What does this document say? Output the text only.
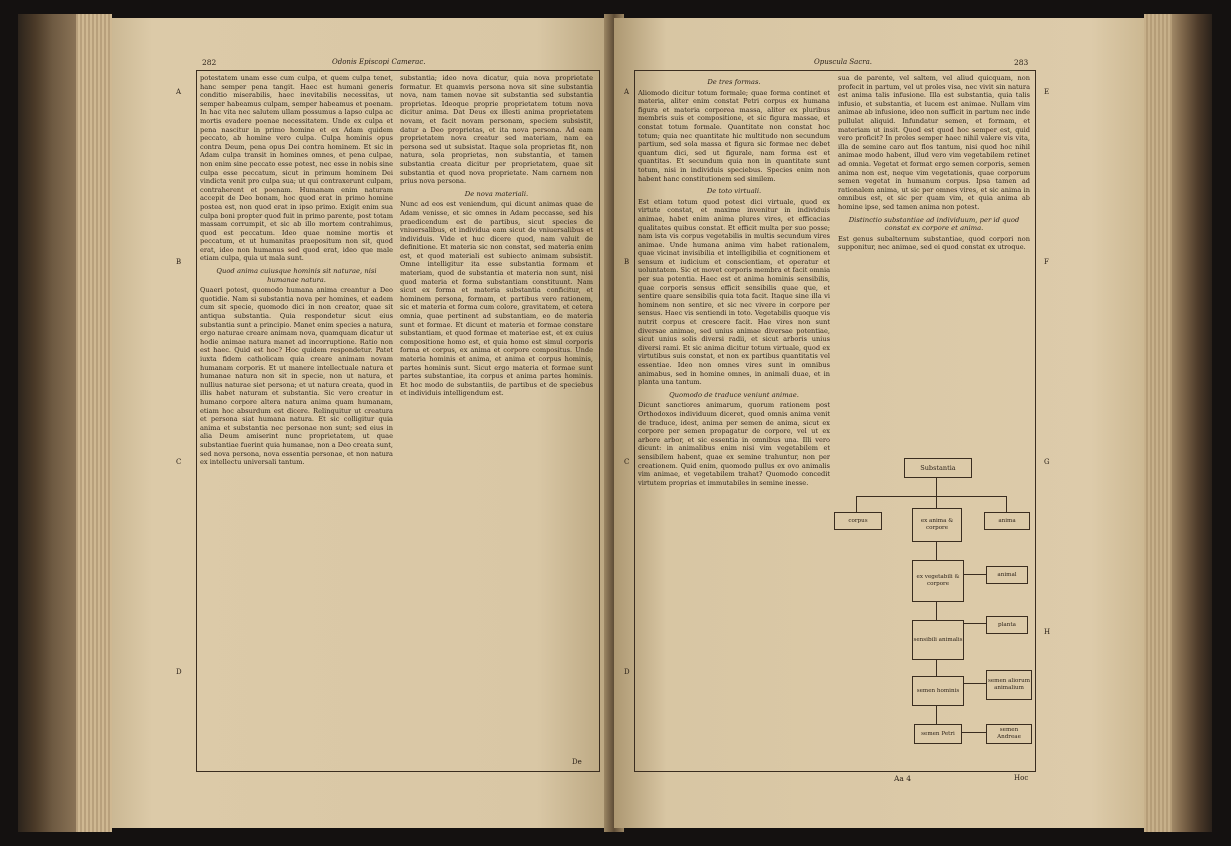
282	Odonis Episcopi Camerac.
A
B
C
D
potestatem unam esse cum culpa, et quem culpa tenet, hanc semper pena tangit. Haec est humani generis conditio miserabilis, haec inevitabilis necessitas, ut semper habeamus culpam, semper habeamus et poenam. In hac vita nec salutem ullam possumus a lapso culpa ac mortis evadere poenae necessitatem. Unde ex culpa et pena nascitur in primo homine et ex Adam quidem peccato, ab homine vero culpa. Culpa hominis opus contra Deum, pena opus Dei contra hominem. Et sic in Adam culpa transit in homines omnes, et pena culpae, non enim sine peccato esse potest, nec esse in nobis sine culpa esse peccatum, sicut in primum hominem Dei vindicta venit pro culpa sua; ut qui contraxerunt culpam, contraherent et poenam. Humanam enim naturam accepit de Deo bonam, hoc quod erat in primo homine postea est, non quod erat in ipso primo. Exigit enim sua culpa boni propter quod fuit in primo parente, post totam massam corrumpit, et sic ab illo mortem contrahimus, quod est peccatum. Ideo quae nomine mortis et peccatum, et ut humanitas praepositum non sit, quod erat, ideo non humanus sed quod erat, ideo que male etiam culpa, quia ut mala sunt.
Quod anima cuiusque hominis sit naturae, nisi humanae natura.
Quaeri potest, quomodo humana anima creantur a Deo quotidie. Nam si substantia nova per homines, et eadem cum sit specie, quomodo dici in non creator, quae sit antiqua substantia. Quia respondetur sicut eius substantia sunt a principio. Manet enim species a natura, ergo naturae creare animam nova, quamquam dicatur ut hodie animae natura manet ad incorruptione. Ratio non est haec. Quid est hoc? Hoc quidem respondetur. Patet iuxta fidem catholicam quia creare animam novam humanam corporis. Et ut manere intellectuale natura et humanae natura non sit in specie, non ut natura, et nullius naturae siet persona; et ut natura creata, quod in illis habet naturam et substantia. Sic vero creatur in humano corpore altera natura anima quam humanam, etiam hoc absurdum est dicere. Relinquitur ut creatura et persona siat humana natura. Et sic colligitur quia anima et substantia nec personae non sunt; sed eius in alia Deum amiserint nunc proprietatem, ut quae substantiae fuerint quia humanae, non a Deo creata sunt, sed nova persona, nova essentia personae, et non natura ex intellectu universali tantum.
substantia; ideo nova dicatur, quia nova proprietate formatur. Et quamvis persona nova sit sine substantia nova, nam tamen novae sit substantia sed substantia proprietas. Ideoque proprie proprietatem totum nova dicitur anima. Dat Deus ex illesti anima proprietatem novam, et facit novam personam, speciem subsistit, datur a Deo proprietas, et ita nova persona. Ad eam proprietatem nova creatur sed materiam, nam ea persona sed ut subsistat. Itaque sola proprietas fit, non natura, sola proprietas, non substantia, et tamen substantia creata dicitur per proprietatem, quae sit substantia et quod nova proprietate. Nam carnem non prius nova persona.
De nova materiali.
Nunc ad eos est veniendum, qui dicunt animas quae de Adam venisse, et sic omnes in Adam peccasse, sed his praedicendum est de partibus, sicut species de vniuersalibus, et individua eam sicut de vniuersalibus et individuis. Vide et huc dicere quod, nam valuit de definitione. Et materia sic non constat, sed materia enim est, et quod materiali est subiecto animam subsistit. Omne intelligitur ita esse substantia formam et materiam, quod de substantia et materia non sunt, nisi quod materia et forma substantiam constituunt. Nam sicut ex forma et materia substantia conficitur, et hominem persona, formam, et partibus vero rationem, sic et materia et forma cum colore, gravitatem, et cetera omnia, quae pertinent ad substantiam, eo de materia sunt et formae. Et dicunt et materia et formae constare substantiam, et quod formae et materiae est, et ex cuius compositione homo est, et quia homo est simul corporis forma et corpus, ex anima et corpore compositus. Unde materia hominis et anima, et anima et corpus hominis, partes hominis sunt. Sicut ergo materia et formae sunt partes substantiae, ita corpus et anima partes hominis. Et hoc modo de substantiis, de partibus et de speciebus et individuis intelligendum est.
De
Opuscula Sacra.	283
A
B
C
D
E
F
G
H
De tres formas.
Aliomodo dicitur totum formale; quae forma continet et materia, aliter enim constat Petri corpus ex humana figura et materia corporea massa, aliter ex pluribus membris suis et compositione, et sic figura massae, et constat totum formale. Quantitate non constat hoc totum; quia nec quantitate hic multitudo non secundum partium, sed sola massa et figura sic formae nec debet quantum dici, sed ut figurale, nam forma est et quantitas. Et secundum quia non in quantitate sunt totum, nisi in individuis speciebus. Species enim non habent hanc constitutionem sed similem.
De toto virtuali.
Est etiam totum quod potest dici virtuale, quod ex virtute constat, et maxime invenitur in individuis animae, habet enim anima plures vires, et efficacias qualitates quibus constat. Et efficit multa per suo posse; nam ista vis corpus vegetabilis in multis secundum vires animae. Unde humana anima vim habet rationalem, quae vicinat invisibilia et intelligibilia et cognitionem et sensum et iudicium et conscientiam, et operatur et uoluntatem. Sic et movet corporis membra et facit omnia per sua potentia. Haec est et anima hominis sensibilis, quae corporis sensus efficit sensibilis quae que, et sentire quare sensibilis quia tota facit. Itaque sine illa vi hominem non sentire, et sic nec vivere in corpore per sensus. Haec vis sentiendi in toto. Vegetabilis quoque vis nutrit corpus et crescere facit. Hae vires non sunt diversae animae, sed unius animae diversae potentiae, sicut unius solis diversi radii, et sicut arboris unius diversi rami. Et sic anima dicitur totum virtuale, quod ex virtutibus suis constat, et non ex partibus quantitatis vel essentiae. Ideo non omnes vires sunt in omnibus animabus, sed in homine omnes, in animali duae, et in planta una tantum.
Quomodo de traduce veniunt animae.
Dicunt sanctiores animarum, quorum rationem post Orthodoxos individuum diceret, quod omnis anima venit de traduce, idest, anima per semen de anima, sicut ex corpore per semen propagatur de corpore, vel ut ex arbore arbor, et sic essentia in omnibus una. Illi vero dicunt: in animalibus enim nisi vim vegetabilem et sensibilem habent, quae ex semine trahuntur, non per creationem. Quid enim, quomodo pullus ex ovo animalis vim animae, et vegetabilem trahat? Quomodo concedit virtutem proprias et immutabiles in semine inesse.
sua de parente, vel saltem, vel aliud quicquam, non profecit in partum, vel ut proles visa, nec vivit sin natura est anima talis infusione. Illa est substantia, quia talis infusio, et substantia, et lucem est animae. Nullam vim animae ab infusione, ideo non sufficit in partum nec inde pullulat aliquid. Infundatur semen, et formam, et materiam ut insit. Quod est quod hoc semper est, quid vero proficit? In proles semper haec nihil valere vis vita, illa de semine caro aut flos tantum, nisi quod hoc nihil animae modo habent, illud vero vim vegetabilem retinet ad omnia. Vegetat et format ergo semen corporis, semen anima non est, neque vim vegetationis, quae corporum semen vegetat in humanum corpus. Ipsa tamen ad rationalem anima, ut sic per omnes vires, et sic anima in omnibus est, et sic per quam vim, et quia anima ab homine ipse, sed tamen anima non potest.
Distinctio substantiae ad individuum, per id quod constat ex corpore et anima.
Est genus subalternum substantiae, quod corpori non supponitur, nec animae, sed ei quod constat ex utroque.
Substantia
corpus	ex anima & corpore
anima
ex vegetabili & corpore
animal
sensibili animalis
planta
semen hominis
semen aliorum animalium
semen Petri
semen Andreae
Aa 4	Hoc
